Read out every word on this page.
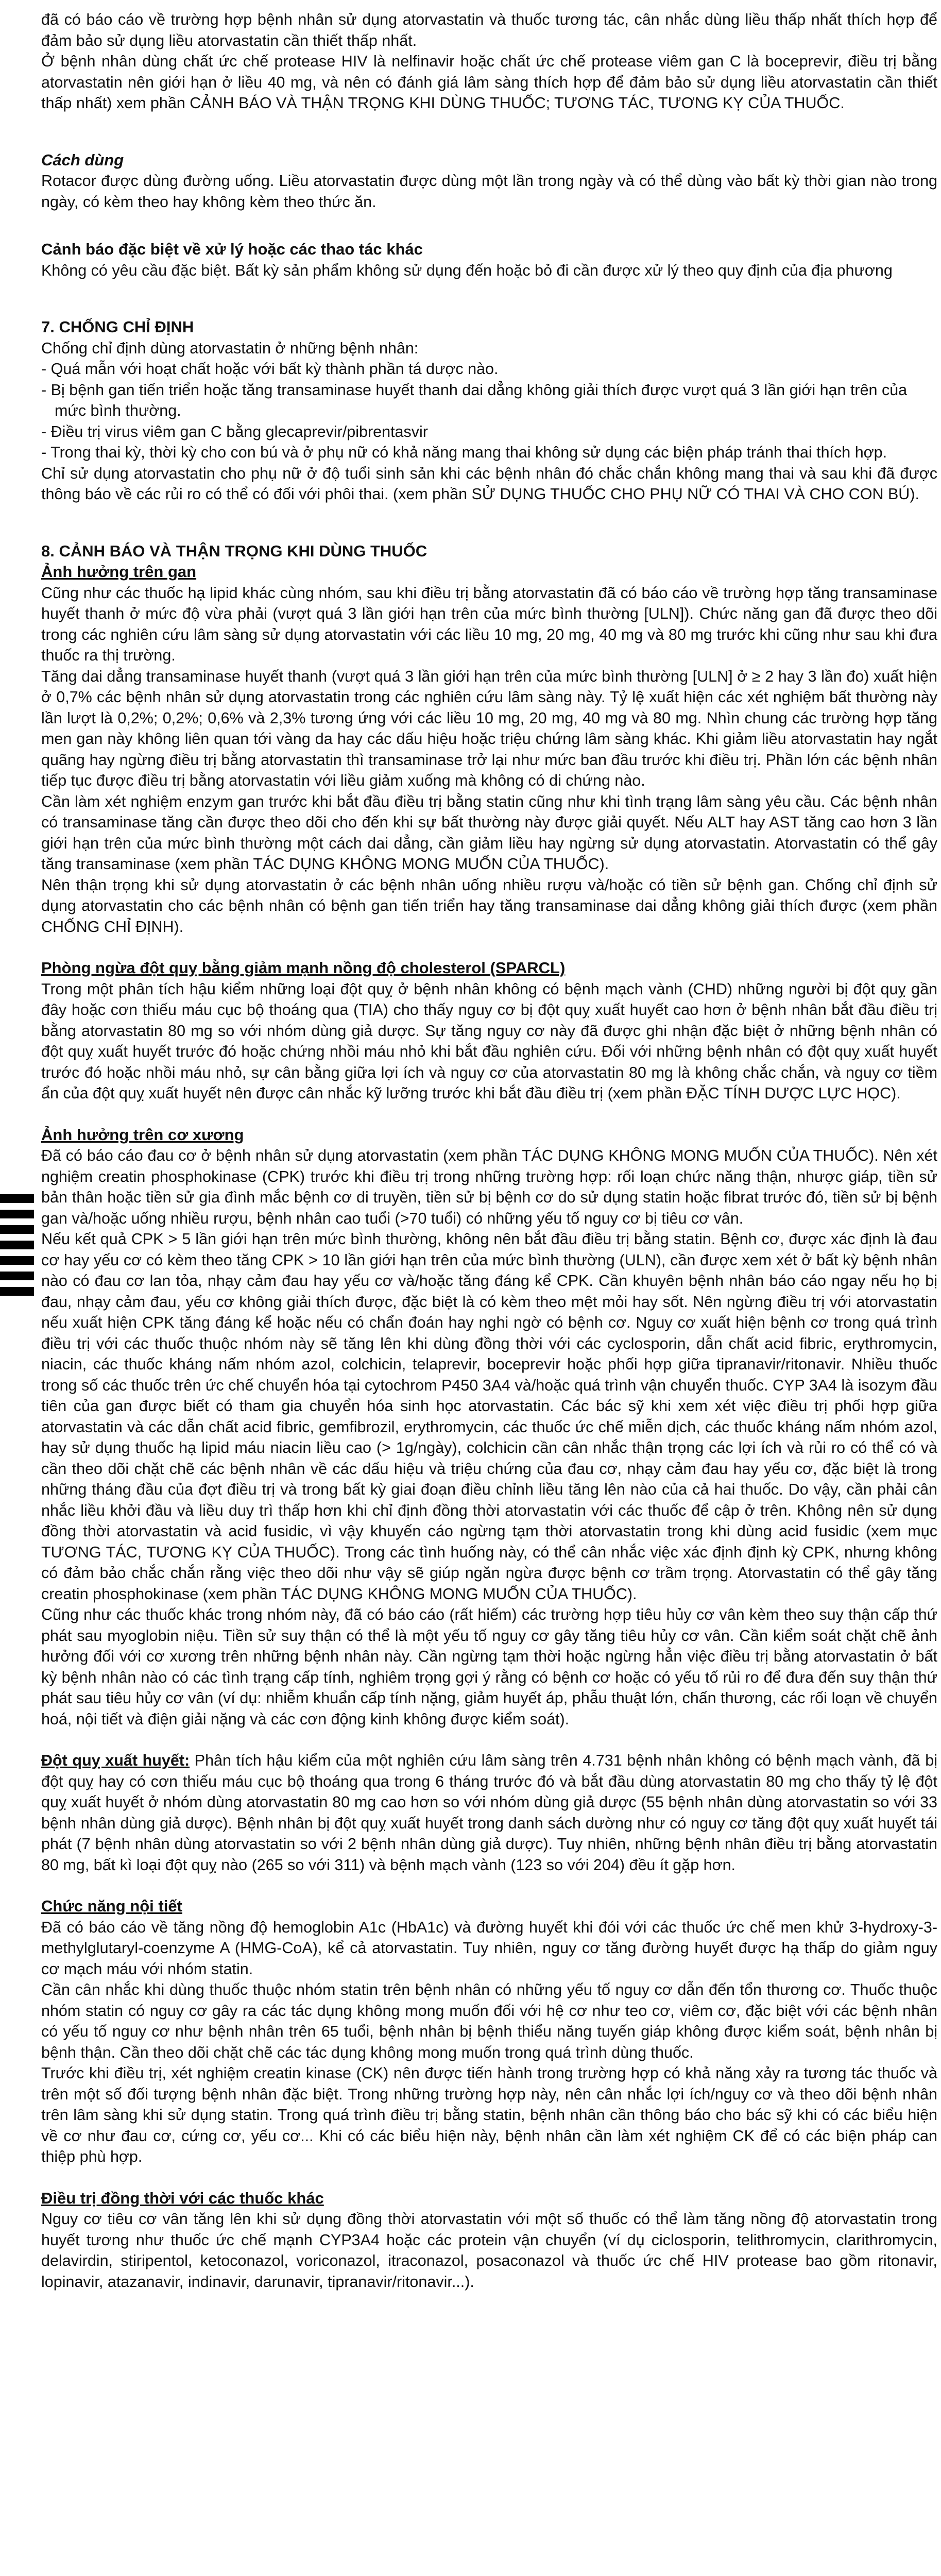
đã có báo cáo về trường hợp bệnh nhân sử dụng atorvastatin và thuốc tương tác, cân nhắc dùng liều thấp nhất thích hợp để đảm bảo sử dụng liều atorvastatin cần thiết thấp nhất.

Ở bệnh nhân dùng chất ức chế protease HIV là nelfinavir hoặc chất ức chế protease viêm gan C là boceprevir, điều trị bằng atorvastatin nên giới hạn ở liều 40 mg, và nên có đánh giá lâm sàng thích hợp để đảm bảo sử dụng liều atorvastatin cần thiết thấp nhất) xem phần CẢNH BÁO VÀ THẬN TRỌNG KHI DÙNG THUỐC; TƯƠNG TÁC, TƯƠNG KỴ CỦA THUỐC.

Cách dùng

Rotacor được dùng đường uống. Liều atorvastatin được dùng một lần trong ngày và có thể dùng vào bất kỳ thời gian nào trong ngày, có kèm theo hay không kèm theo thức ăn.

Cảnh báo đặc biệt về xử lý hoặc các thao tác khác

Không có yêu cầu đặc biệt. Bất kỳ sản phẩm không sử dụng đến hoặc bỏ đi cần được xử lý theo quy định của địa phương

7. CHỐNG CHỈ ĐỊNH

Chống chỉ định dùng atorvastatin ở những bệnh nhân:

- Quá mẫn với hoạt chất hoặc với bất kỳ thành phần tá dược nào.
- Bị bệnh gan tiến triển hoặc tăng transaminase huyết thanh dai dẳng không giải thích được vượt quá 3 lần giới hạn trên của mức bình thường.
- Điều trị virus viêm gan C bằng glecaprevir/pibrentasvir
- Trong thai kỳ, thời kỳ cho con bú và ở phụ nữ có khả năng mang thai không sử dụng các biện pháp tránh thai thích hợp.

Chỉ sử dụng atorvastatin cho phụ nữ ở độ tuổi sinh sản khi các bệnh nhân đó chắc chắn không mang thai và sau khi đã được thông báo về các rủi ro có thể có đối với phôi thai. (xem phần SỬ DỤNG THUỐC CHO PHỤ NỮ CÓ THAI VÀ CHO CON BÚ).

8. CẢNH BÁO VÀ THẬN TRỌNG KHI DÙNG THUỐC

Ảnh hưởng trên gan

Cũng như các thuốc hạ lipid khác cùng nhóm, sau khi điều trị bằng atorvastatin đã có báo cáo về trường hợp tăng transaminase huyết thanh ở mức độ vừa phải (vượt quá 3 lần giới hạn trên của mức bình thường [ULN]). Chức năng gan đã được theo dõi trong các nghiên cứu lâm sàng sử dụng atorvastatin với các liều 10 mg, 20 mg, 40 mg và 80 mg trước khi cũng như sau khi đưa thuốc ra thị trường.

Tăng dai dẳng transaminase huyết thanh (vượt quá 3 lần giới hạn trên của mức bình thường [ULN] ở ≥ 2 hay 3 lần đo) xuất hiện ở 0,7% các bệnh nhân sử dụng atorvastatin trong các nghiên cứu lâm sàng này. Tỷ lệ xuất hiện các xét nghiệm bất thường này lần lượt là 0,2%; 0,2%; 0,6% và 2,3% tương ứng với các liều 10 mg, 20 mg, 40 mg và 80 mg. Nhìn chung các trường hợp tăng men gan này không liên quan tới vàng da hay các dấu hiệu hoặc triệu chứng lâm sàng khác. Khi giảm liều atorvastatin hay ngắt quãng hay ngừng điều trị bằng atorvastatin thì transaminase trở lại như mức ban đầu trước khi điều trị. Phần lớn các bệnh nhân tiếp tục được điều trị bằng atorvastatin với liều giảm xuống mà không có di chứng nào.

Cần làm xét nghiệm enzym gan trước khi bắt đầu điều trị bằng statin cũng như khi tình trạng lâm sàng yêu cầu. Các bệnh nhân có transaminase tăng cần được theo dõi cho đến khi sự bất thường này được giải quyết. Nếu ALT hay AST tăng cao hơn 3 lần giới hạn trên của mức bình thường một cách dai dẳng, cần giảm liều hay ngừng sử dụng atorvastatin. Atorvastatin có thể gây tăng transaminase (xem phần TÁC DỤNG KHÔNG MONG MUỐN CỦA THUỐC).

Nên thận trọng khi sử dụng atorvastatin ở các bệnh nhân uống nhiều rượu và/hoặc có tiền sử bệnh gan. Chống chỉ định sử dụng atorvastatin cho các bệnh nhân có bệnh gan tiến triển hay tăng transaminase dai dẳng không giải thích được (xem phần CHỐNG CHỈ ĐỊNH).

Phòng ngừa đột quỵ bằng giảm mạnh nồng độ cholesterol (SPARCL)

Trong một phân tích hậu kiểm những loại đột quỵ ở bệnh nhân không có bệnh mạch vành (CHD) những người bị đột quỵ gần đây hoặc cơn thiếu máu cục bộ thoáng qua (TIA) cho thấy nguy cơ bị đột quỵ xuất huyết cao hơn ở bệnh nhân bắt đầu điều trị bằng atorvastatin 80 mg so với nhóm dùng giả dược. Sự tăng nguy cơ này đã được ghi nhận đặc biệt ở những bệnh nhân có đột quỵ xuất huyết trước đó hoặc chứng nhồi máu nhỏ khi bắt đầu nghiên cứu. Đối với những bệnh nhân có đột quỵ xuất huyết trước đó hoặc nhồi máu nhỏ, sự cân bằng giữa lợi ích và nguy cơ của atorvastatin 80 mg là không chắc chắn, và nguy cơ tiềm ẩn của đột quỵ xuất huyết nên được cân nhắc kỹ lưỡng trước khi bắt đầu điều trị (xem phần ĐẶC TÍNH DƯỢC LỰC HỌC).

Ảnh hưởng trên cơ xương

Đã có báo cáo đau cơ ở bệnh nhân sử dụng atorvastatin (xem phần TÁC DỤNG KHÔNG MONG MUỐN CỦA THUỐC). Nên xét nghiệm creatin phosphokinase (CPK) trước khi điều trị trong những trường hợp: rối loạn chức năng thận, nhược giáp, tiền sử bản thân hoặc tiền sử gia đình mắc bệnh cơ di truyền, tiền sử bị bệnh cơ do sử dụng statin hoặc fibrat trước đó, tiền sử bị bệnh gan và/hoặc uống nhiều rượu, bệnh nhân cao tuổi (>70 tuổi) có những yếu tố nguy cơ bị tiêu cơ vân.

Nếu kết quả CPK > 5 lần giới hạn trên mức bình thường, không nên bắt đầu điều trị bằng statin. Bệnh cơ, được xác định là đau cơ hay yếu cơ có kèm theo tăng CPK > 10 lần giới hạn trên của mức bình thường (ULN), cần được xem xét ở bất kỳ bệnh nhân nào có đau cơ lan tỏa, nhạy cảm đau hay yếu cơ và/hoặc tăng đáng kể CPK. Cần khuyên bệnh nhân báo cáo ngay nếu họ bị đau, nhạy cảm đau, yếu cơ không giải thích được, đặc biệt là có kèm theo mệt mỏi hay sốt. Nên ngừng điều trị với atorvastatin nếu xuất hiện CPK tăng đáng kể hoặc nếu có chẩn đoán hay nghi ngờ có bệnh cơ. Nguy cơ xuất hiện bệnh cơ trong quá trình điều trị với các thuốc thuộc nhóm này sẽ tăng lên khi dùng đồng thời với các cyclosporin, dẫn chất acid fibric, erythromycin, niacin, các thuốc kháng nấm nhóm azol, colchicin, telaprevir, boceprevir hoặc phối hợp giữa tipranavir/ritonavir. Nhiều thuốc trong số các thuốc trên ức chế chuyển hóa tại cytochrom P450 3A4 và/hoặc quá trình vận chuyển thuốc. CYP 3A4 là isozym đầu tiên của gan được biết có tham gia chuyển hóa sinh học atorvastatin. Các bác sỹ khi xem xét việc điều trị phối hợp giữa atorvastatin và các dẫn chất acid fibric, gemfibrozil, erythromycin, các thuốc ức chế miễn dịch, các thuốc kháng nấm nhóm azol, hay sử dụng thuốc hạ lipid máu niacin liều cao (> 1g/ngày), colchicin cần cân nhắc thận trọng các lợi ích và rủi ro có thể có và cần theo dõi chặt chẽ các bệnh nhân về các dấu hiệu và triệu chứng của đau cơ, nhạy cảm đau hay yếu cơ, đặc biệt là trong những tháng đầu của đợt điều trị và trong bất kỳ giai đoạn điều chỉnh liều tăng lên nào của cả hai thuốc. Do vậy, cần phải cân nhắc liều khởi đầu và liều duy trì thấp hơn khi chỉ định đồng thời atorvastatin với các thuốc để cập ở trên. Không nên sử dụng đồng thời atorvastatin và acid fusidic, vì vậy khuyến cáo ngừng tạm thời atorvastatin trong khi dùng acid fusidic (xem mục TƯƠNG TÁC, TƯƠNG KỴ CỦA THUỐC). Trong các tình huống này, có thể cân nhắc việc xác định định kỳ CPK, nhưng không có đảm bảo chắc chắn rằng việc theo dõi như vậy sẽ giúp ngăn ngừa được bệnh cơ trầm trọng. Atorvastatin có thể gây tăng creatin phosphokinase (xem phần TÁC DỤNG KHÔNG MONG MUỐN CỦA THUỐC).

Cũng như các thuốc khác trong nhóm này, đã có báo cáo (rất hiếm) các trường hợp tiêu hủy cơ vân kèm theo suy thận cấp thứ phát sau myoglobin niệu. Tiền sử suy thận có thể là một yếu tố nguy cơ gây tăng tiêu hủy cơ vân. Cần kiểm soát chặt chẽ ảnh hưởng đối với cơ xương trên những bệnh nhân này. Cần ngừng tạm thời hoặc ngừng hẳn việc điều trị bằng atorvastatin ở bất kỳ bệnh nhân nào có các tình trạng cấp tính, nghiêm trọng gợi ý rằng có bệnh cơ hoặc có yếu tố rủi ro để đưa đến suy thận thứ phát sau tiêu hủy cơ vân (ví dụ: nhiễm khuẩn cấp tính nặng, giảm huyết áp, phẫu thuật lớn, chấn thương, các rối loạn về chuyển hoá, nội tiết và điện giải nặng và các cơn động kinh không được kiểm soát).

Đột quỵ xuất huyết: Phân tích hậu kiểm của một nghiên cứu lâm sàng trên 4.731 bệnh nhân không có bệnh mạch vành, đã bị đột quỵ hay có cơn thiếu máu cục bộ thoáng qua trong 6 tháng trước đó và bắt đầu dùng atorvastatin 80 mg cho thấy tỷ lệ đột quỵ xuất huyết ở nhóm dùng atorvastatin 80 mg cao hơn so với nhóm dùng giả dược (55 bệnh nhân dùng atorvastatin so với 33 bệnh nhân dùng giả dược). Bệnh nhân bị đột quỵ xuất huyết trong danh sách dường như có nguy cơ tăng đột quỵ xuất huyết tái phát (7 bệnh nhân dùng atorvastatin so với 2 bệnh nhân dùng giả dược). Tuy nhiên, những bệnh nhân điều trị bằng atorvastatin 80 mg, bất kì loại đột quỵ nào (265 so với 311) và bệnh mạch vành (123 so với 204) đều ít gặp hơn.

Chức năng nội tiết

Đã có báo cáo về tăng nồng độ hemoglobin A1c (HbA1c) và đường huyết khi đói với các thuốc ức chế men khử 3-hydroxy-3-methylglutaryl-coenzyme A (HMG-CoA), kể cả atorvastatin. Tuy nhiên, nguy cơ tăng đường huyết được hạ thấp do giảm nguy cơ mạch máu với nhóm statin.

Cần cân nhắc khi dùng thuốc thuộc nhóm statin trên bệnh nhân có những yếu tố nguy cơ dẫn đến tổn thương cơ. Thuốc thuộc nhóm statin có nguy cơ gây ra các tác dụng không mong muốn đối với hệ cơ như teo cơ, viêm cơ, đặc biệt với các bệnh nhân có yếu tố nguy cơ như bệnh nhân trên 65 tuổi, bệnh nhân bị bệnh thiểu năng tuyến giáp không được kiểm soát, bệnh nhân bị bệnh thận. Cần theo dõi chặt chẽ các tác dụng không mong muốn trong quá trình dùng thuốc.

Trước khi điều trị, xét nghiệm creatin kinase (CK) nên được tiến hành trong trường hợp có khả năng xảy ra tương tác thuốc và trên một số đối tượng bệnh nhân đặc biệt. Trong những trường hợp này, nên cân nhắc lợi ích/nguy cơ và theo dõi bệnh nhân trên lâm sàng khi sử dụng statin. Trong quá trình điều trị bằng statin, bệnh nhân cần thông báo cho bác sỹ khi có các biểu hiện về cơ như đau cơ, cứng cơ, yếu cơ... Khi có các biểu hiện này, bệnh nhân cần làm xét nghiệm CK để có các biện pháp can thiệp phù hợp.

Điều trị đồng thời với các thuốc khác

Nguy cơ tiêu cơ vân tăng lên khi sử dụng đồng thời atorvastatin với một số thuốc có thể làm tăng nồng độ atorvastatin trong huyết tương như thuốc ức chế mạnh CYP3A4 hoặc các protein vận chuyển (ví dụ ciclosporin, telithromycin, clarithromycin, delavirdin, stiripentol, ketoconazol, voriconazol, itraconazol, posaconazol và thuốc ức chế HIV protease bao gồm ritonavir, lopinavir, atazanavir, indinavir, darunavir, tipranavir/ritonavir...).
